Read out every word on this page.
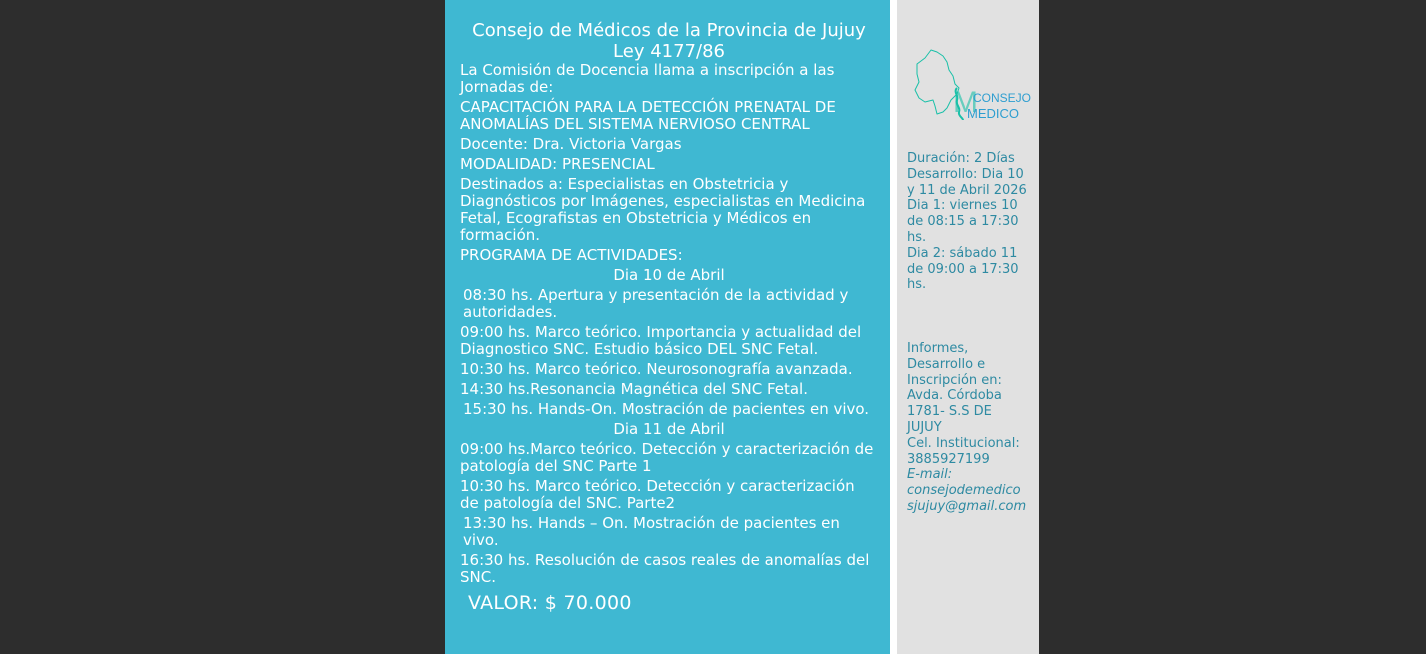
Consejo de Médicos de la Provincia de Jujuy
Ley 4177/86

La Comisión de Docencia llama a inscripción a las Jornadas de:

CAPACITACIÓN PARA LA DETECCIÓN PRENATAL DE ANOMALÍAS DEL SISTEMA NERVIOSO CENTRAL

Docente: Dra. Victoria Vargas

MODALIDAD: PRESENCIAL

Destinados a: Especialistas en Obstetricia y Diagnósticos por Imágenes, especialistas en Medicina Fetal, Ecografistas en Obstetricia y Médicos en formación.

PROGRAMA DE ACTIVIDADES:

Dia 10 de Abril

08:30 hs. Apertura y presentación de la actividad y autoridades.

09:00 hs. Marco teórico. Importancia y actualidad del Diagnostico SNC. Estudio básico DEL SNC Fetal.

10:30 hs. Marco teórico. Neurosonografía avanzada.

14:30 hs.Resonancia Magnética del SNC Fetal.

15:30 hs. Hands-On. Mostración de pacientes en vivo.

Dia 11 de Abril

09:00 hs.Marco teórico. Detección y caracterización de patología del SNC Parte 1

10:30 hs. Marco teórico. Detección y caracterización de patología del SNC. Parte2

13:30 hs. Hands – On. Mostración de pacientes en vivo.

16:30 hs. Resolución de casos reales de anomalías del SNC.

VALOR: $ 70.000
M
CONSEJO
MEDICO

Duración: 2 Días

Desarrollo: Dia 10 y 11 de Abril 2026

Dia 1: viernes 10 de 08:15 a 17:30 hs.

Dia 2: sábado 11 de 09:00 a 17:30 hs.

Informes, Desarrollo e Inscripción en: Avda. Córdoba 1781- S.S DE JUJUY

Cel. Institucional: 3885927199

E-mail:

consejodemedicosjujuy@gmail.com
